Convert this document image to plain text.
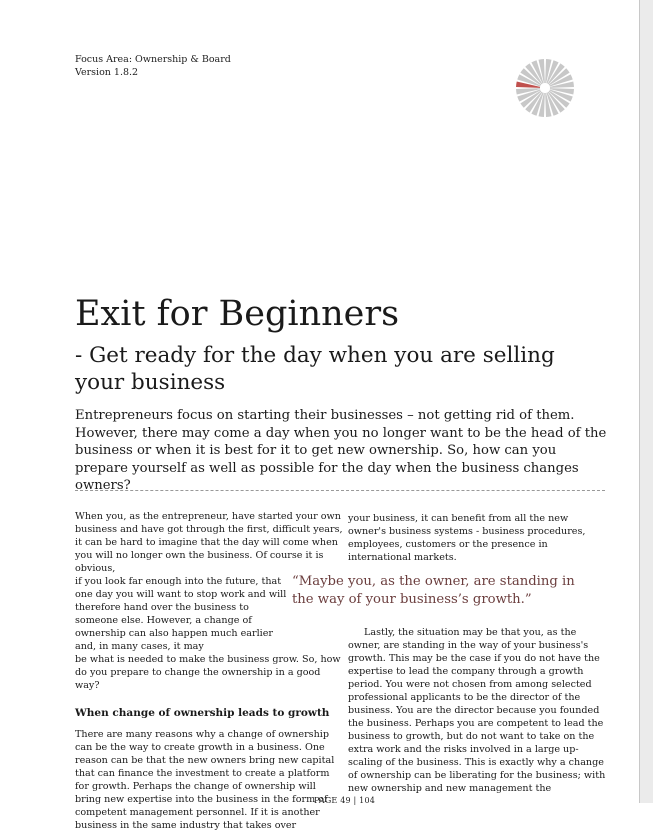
Focus Area: Ownership & Board
Version 1.8.2
Exit for Beginners
- Get ready for the day when you are selling your business

Entrepreneurs focus on starting their businesses – not getting rid of them. However, there may come a day when you no longer want to be the head of the business or when it is best for it to get new ownership. So, how can you prepare yourself as well as possible for the day when the business changes owners?

When you, as the entrepreneur, have started your own business and have got through the first, difficult years, it can be hard to imagine that the day will come when you will no longer own the business. Of course it is obvious,

if you look far enough into the future, that one day you will want to stop work and will therefore hand over the business to someone else. However, a change of ownership can also happen much earlier and, in many cases, it may

be what is needed to make the business grow. So, how do you prepare to change the ownership in a good way?

When change of ownership leads to growth

There are many reasons why a change of ownership can be the way to create growth in a business. One reason can be that the new owners bring new capital that can finance the investment to create a platform for growth. Perhaps the change of ownership will bring new expertise into the business in the form of competent management personnel. If it is another business in the same industry that takes over

your business, it can benefit from all the new owner's business systems - business procedures, employees, customers or the presence in international markets.

“Maybe you, as the owner, are standing in the way of your business’s growth.”

Lastly, the situation may be that you, as the owner, are standing in the way of your business's growth. This may be the case if you do not have the expertise to lead the company through a growth period. You were not chosen from among selected professional applicants to be the director of the business. You are the director because you founded the business. Perhaps you are competent to lead the business to growth, but do not want to take on the extra work and the risks involved in a large up-scaling of the business. This is exactly why a change of ownership can be liberating for the business; with new ownership and new management the

PAGE 49 | 104
